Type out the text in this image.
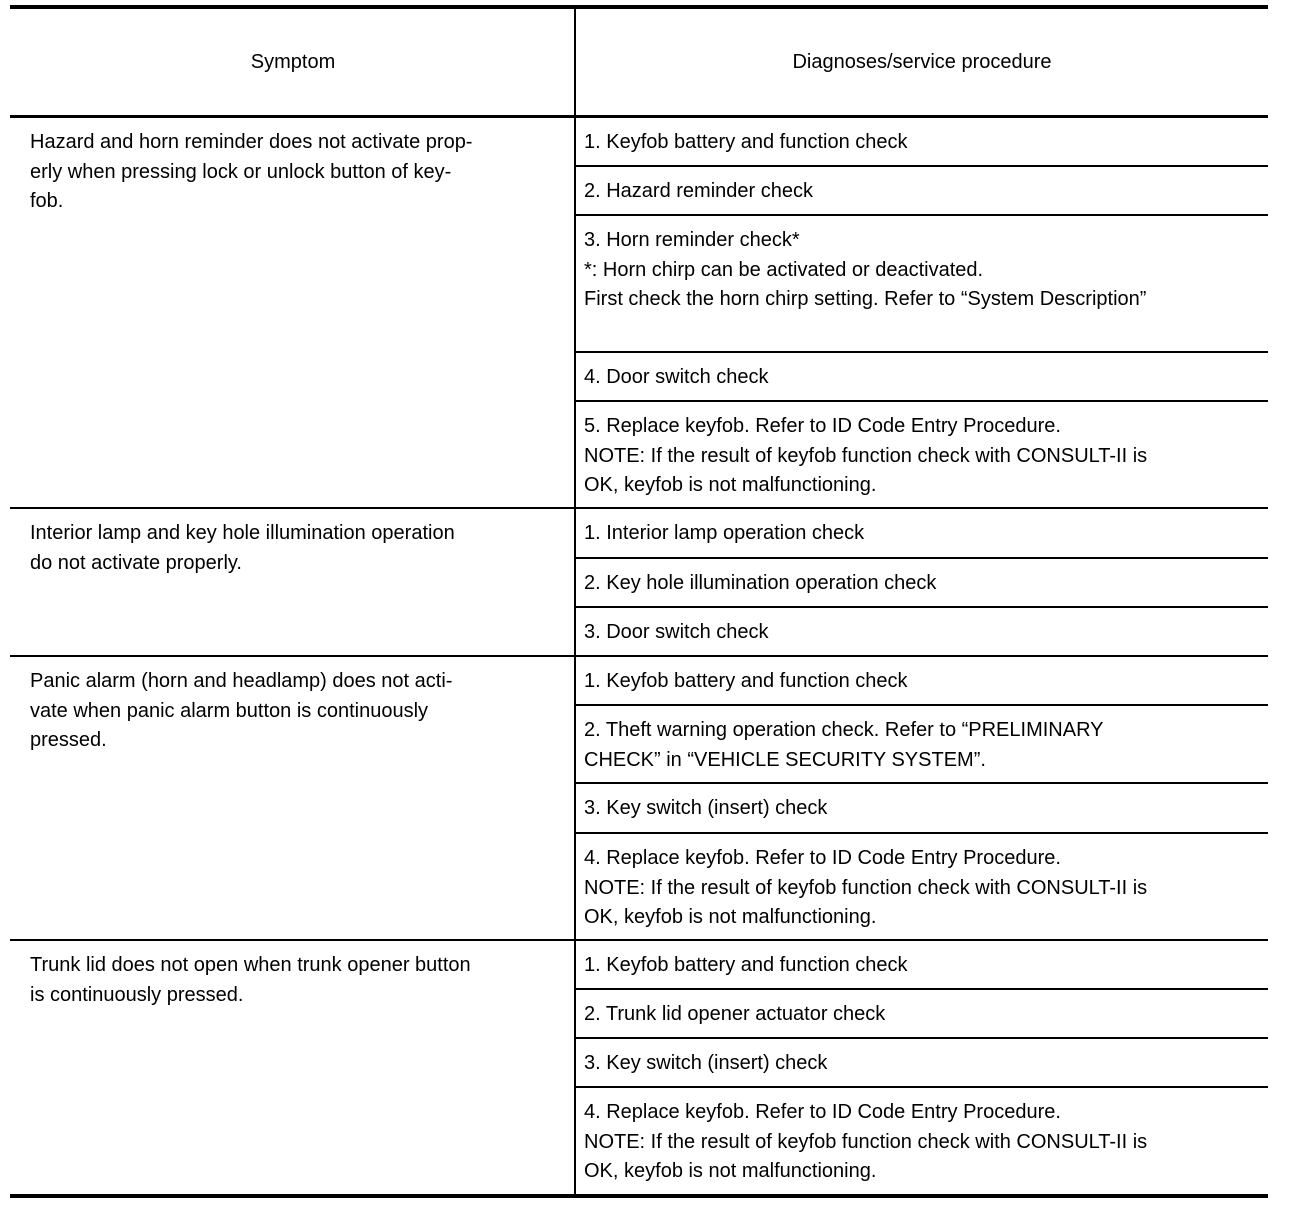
Symptom	Diagnoses/service procedure
Hazard and horn reminder does not activate prop-
erly when pressing lock or unlock button of key-
fob.
1. Keyfob battery and function check
2. Hazard reminder check
3. Horn reminder check*
*: Horn chirp can be activated or deactivated.
First check the horn chirp setting. Refer to “System Description”
4. Door switch check
5. Replace keyfob. Refer to ID Code Entry Procedure.
NOTE: If the result of keyfob function check with CONSULT-II is
OK, keyfob is not malfunctioning.
Interior lamp and key hole illumination operation
do not activate properly.
1. Interior lamp operation check
2. Key hole illumination operation check
3. Door switch check
Panic alarm (horn and headlamp) does not acti-
vate when panic alarm button is continuously
pressed.
1. Keyfob battery and function check
2. Theft warning operation check. Refer to “PRELIMINARY
CHECK” in “VEHICLE SECURITY SYSTEM”.
3. Key switch (insert) check
4. Replace keyfob. Refer to ID Code Entry Procedure.
NOTE: If the result of keyfob function check with CONSULT-II is
OK, keyfob is not malfunctioning.
Trunk lid does not open when trunk opener button
is continuously pressed.
1. Keyfob battery and function check
2. Trunk lid opener actuator check
3. Key switch (insert) check
4. Replace keyfob. Refer to ID Code Entry Procedure.
NOTE: If the result of keyfob function check with CONSULT-II is
OK, keyfob is not malfunctioning.
